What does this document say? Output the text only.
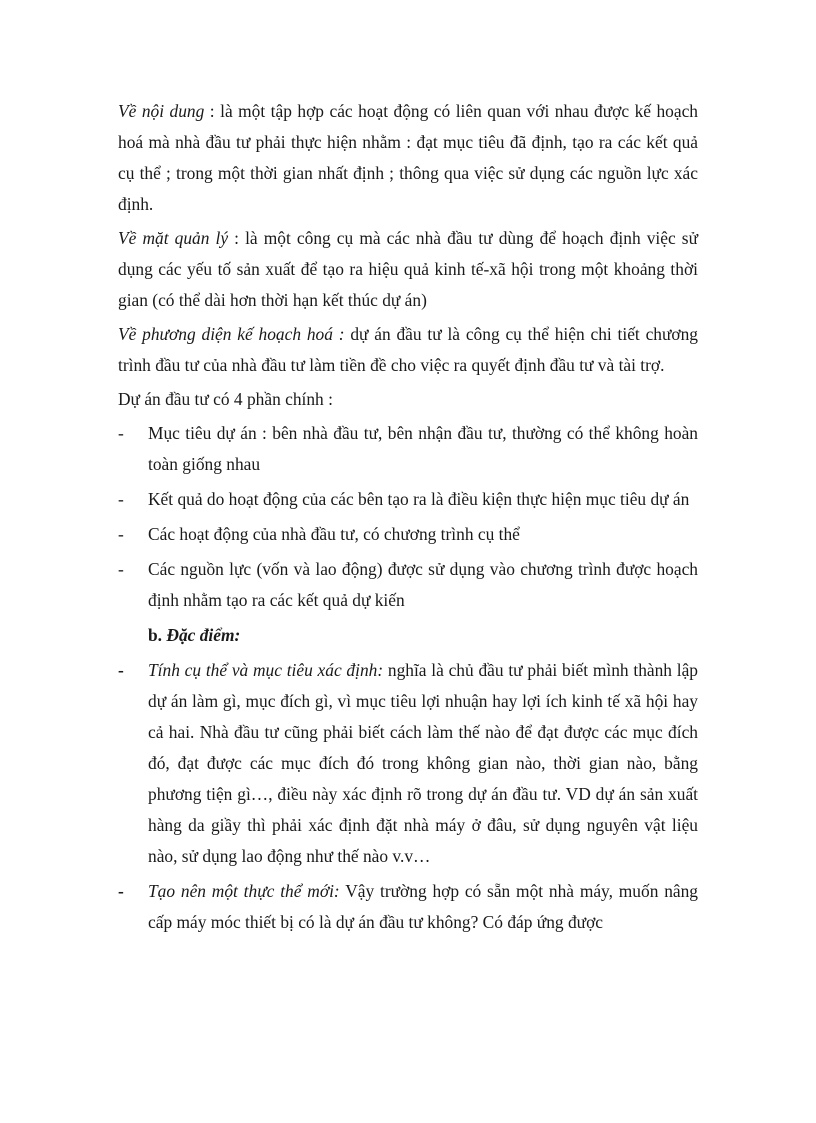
Về nội dung : là một tập hợp các hoạt động có liên quan với nhau được kế hoạch hoá mà nhà đầu tư phải thực hiện nhằm : đạt mục tiêu đã định, tạo ra các kết quả cụ thể ; trong một thời gian nhất định ; thông qua việc sử dụng các nguồn lực xác định.

Về mặt quản lý : là một công cụ mà các nhà đầu tư dùng để hoạch định việc sử dụng các yếu tố sản xuất để tạo ra hiệu quả kinh tế-xã hội trong một khoảng thời gian (có thể dài hơn thời hạn kết thúc dự án)

Về phương diện kế hoạch hoá : dự án đầu tư là công cụ thể hiện chi tiết chương trình đầu tư của nhà đầu tư làm tiền đề cho việc ra quyết định đầu tư và tài trợ.

Dự án đầu tư có 4 phần chính :

- Mục tiêu dự án : bên nhà đầu tư, bên nhận đầu tư, thường có thể không hoàn toàn giống nhau
- Kết quả do hoạt động của các bên tạo ra là điều kiện thực hiện mục tiêu dự án
- Các hoạt động của nhà đầu tư, có chương trình cụ thể
- Các nguồn lực (vốn và lao động) được sử dụng vào chương trình được hoạch định nhằm tạo ra các kết quả dự kiến

b. Đặc điểm:

- Tính cụ thể và mục tiêu xác định: nghĩa là chủ đầu tư phải biết mình thành lập dự án làm gì, mục đích gì, vì mục tiêu lợi nhuận hay lợi ích kinh tế xã hội hay cả hai. Nhà đầu tư cũng phải biết cách làm thế nào để đạt được các mục đích đó, đạt được các mục đích đó trong không gian nào, thời gian nào, bằng phương tiện gì…, điều này xác định rõ trong dự án đầu tư. VD dự án sản xuất hàng da giầy thì phải xác định đặt nhà máy ở đâu, sử dụng nguyên vật liệu nào, sử dụng lao động như thế nào v.v…
- Tạo nên một thực thể mới: Vậy trường hợp có sẵn một nhà máy, muốn nâng cấp máy móc thiết bị có là dự án đầu tư không? Có đáp ứng được
